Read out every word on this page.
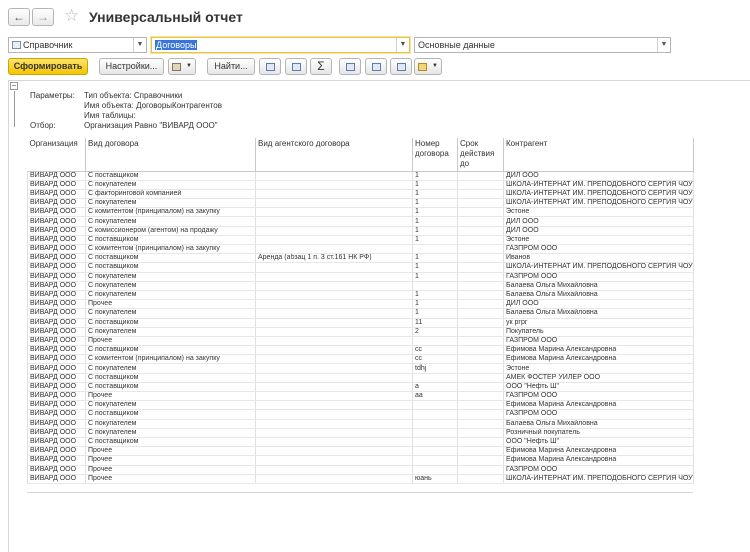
←	→ ☆ Универсальный отчет
Справочник	▼ Договоры	▼ Основные данные	▼
Сформировать	Настройки...	▼	Найти...	Σ	▼
−
Параметры: Тип объекта: Справочники
Имя объекта: ДоговорыКонтрагентов
Имя таблицы:
Отбор:	Организация Равно "ВИВАРД ООО"
Организация	Вид договора	Вид агентского договора	Номер договора	Срок действия до	Контрагент
ВИВАРД ООО	С поставщиком		1		ДИЛ ООО
ВИВАРД ООО	С покупателем		1		ШКОЛА-ИНТЕРНАТ ИМ. ПРЕПОДОБНОГО СЕРГИЯ ЧОУ
ВИВАРД ООО	С факторинговой компанией		1		ШКОЛА-ИНТЕРНАТ ИМ. ПРЕПОДОБНОГО СЕРГИЯ ЧОУ
ВИВАРД ООО	С покупателем		1		ШКОЛА-ИНТЕРНАТ ИМ. ПРЕПОДОБНОГО СЕРГИЯ ЧОУ
ВИВАРД ООО	С комитентом (принципалом) на закупку		1		Эстоне
ВИВАРД ООО	С покупателем		1		ДИЛ ООО
ВИВАРД ООО	С комиссионером (агентом) на продажу		1		ДИЛ ООО
ВИВАРД ООО	С поставщиком		1		Эстоне
ВИВАРД ООО	С комитентом (принципалом) на закупку				ГАЗПРОМ ООО
ВИВАРД ООО	С поставщиком	Аренда (абзац 1 п. 3 ст.161 НК РФ)	1		Иванов
ВИВАРД ООО	С поставщиком		1		ШКОЛА-ИНТЕРНАТ ИМ. ПРЕПОДОБНОГО СЕРГИЯ ЧОУ
ВИВАРД ООО	С покупателем		1		ГАЗПРОМ ООО
ВИВАРД ООО	С покупателем				Балаева Ольга Михайловна
ВИВАРД ООО	С покупателем		1		Балаева Ольга Михайловна
ВИВАРД ООО	Прочее		1		ДИЛ ООО
ВИВАРД ООО	С покупателем		1		Балаева Ольга Михайловна
ВИВАРД ООО	С поставщиком		11		ук ргрг
ВИВАРД ООО	С покупателем		2		Покупатель
ВИВАРД ООО	Прочее				ГАЗПРОМ ООО
ВИВАРД ООО	С поставщиком		сс		Ефимова Марина Александровна
ВИВАРД ООО	С комитентом (принципалом) на закупку		сс		Ефимова Марина Александровна
ВИВАРД ООО	С покупателем		tdhj		Эстоне
ВИВАРД ООО	С поставщиком				АМЕК ФОСТЕР УИЛЕР ООО
ВИВАРД ООО	С поставщиком		а		ООО "Нефть Ш"
ВИВАРД ООО	Прочее		аа		ГАЗПРОМ ООО
ВИВАРД ООО	С покупателем				Ефимова Марина Александровна
ВИВАРД ООО	С поставщиком				ГАЗПРОМ ООО
ВИВАРД ООО	С покупателем				Балаева Ольга Михайловна
ВИВАРД ООО	С покупателем				Розничный покупатель
ВИВАРД ООО	С поставщиком				ООО "Нефть Ш"
ВИВАРД ООО	Прочее				Ефимова Марина Александровна
ВИВАРД ООО	Прочее				Ефимова Марина Александровна
ВИВАРД ООО	Прочее				ГАЗПРОМ ООО
ВИВАРД ООО	Прочее		юань		ШКОЛА-ИНТЕРНАТ ИМ. ПРЕПОДОБНОГО СЕРГИЯ ЧОУ
